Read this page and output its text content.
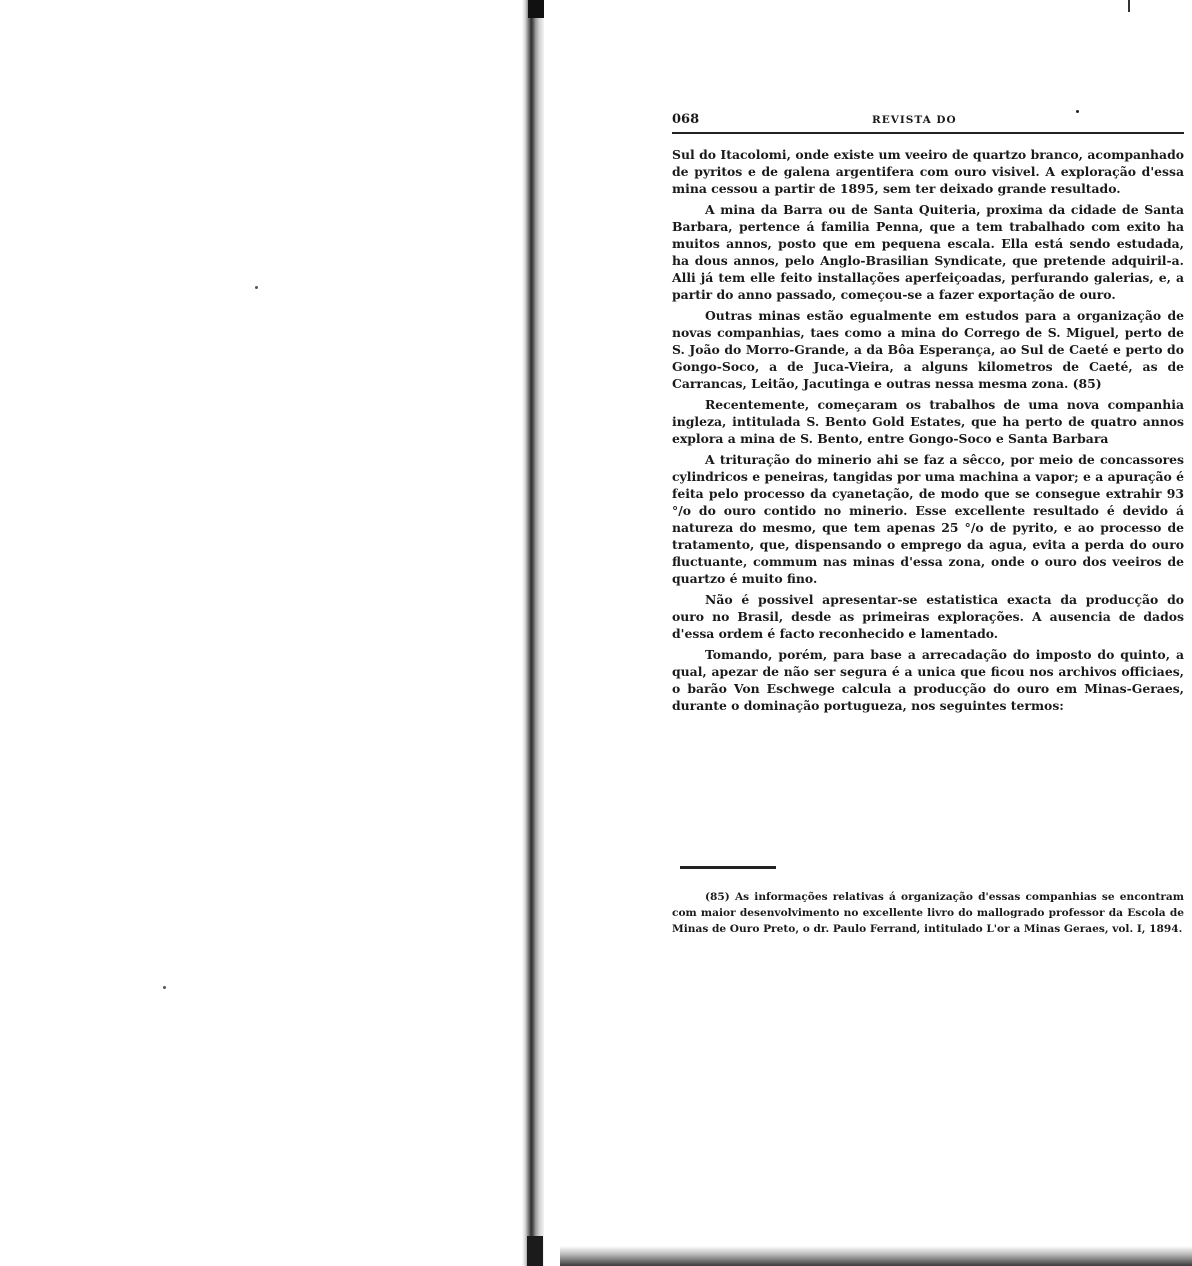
068	REVISTA DO

Sul do Itacolomi, onde existe um veeiro de quartzo branco, acompanhado de pyritos e de galena argentifera com ouro visivel. A exploração d'essa mina cessou a partir de 1895, sem ter deixado grande resultado.

A mina da Barra ou de Santa Quiteria, proxima da cidade de Santa Barbara, pertence á familia Penna, que a tem trabalhado com exito ha muitos annos, posto que em pequena escala. Ella está sendo estudada, ha dous annos, pelo Anglo-Brasilian Syndicate, que pretende adquiril-a. Alli já tem elle feito installações aperfeiçoadas, perfurando galerias, e, a partir do anno passado, começou-se a fazer exportação de ouro.

Outras minas estão egualmente em estudos para a organização de novas companhias, taes como a mina do Corrego de S. Miguel, perto de S. João do Morro-Grande, a da Bôa Esperança, ao Sul de Caeté e perto do Gongo-Soco, a de Juca-Vieira, a alguns kilometros de Caeté, as de Carrancas, Leitão, Jacutinga e outras nessa mesma zona. (85)

Recentemente, começaram os trabalhos de uma nova companhia ingleza, intitulada S. Bento Gold Estates, que ha perto de quatro annos explora a mina de S. Bento, entre Gongo-Soco e Santa Barbara

A trituração do minerio ahi se faz a sêcco, por meio de concassores cylindricos e peneiras, tangidas por uma machina a vapor; e a apuração é feita pelo processo da cyanetação, de modo que se consegue extrahir 93 °/o do ouro contido no minerio. Esse excellente resultado é devido á natureza do mesmo, que tem apenas 25 °/o de pyrito, e ao processo de tratamento, que, dispensando o emprego da agua, evita a perda do ouro fluctuante, commum nas minas d'essa zona, onde o ouro dos veeiros de quartzo é muito fino.

Não é possivel apresentar-se estatistica exacta da producção do ouro no Brasil, desde as primeiras explorações. A ausencia de dados d'essa ordem é facto reconhecido e lamentado.

Tomando, porém, para base a arrecadação do imposto do quinto, a qual, apezar de não ser segura é a unica que ficou nos archivos officiaes, o barão Von Eschwege calcula a producção do ouro em Minas-Geraes, durante o dominação portugueza, nos seguintes termos:

(85) As informações relativas á organização d'essas companhias se encontram com maior desenvolvimento no excellente livro do mallogrado professor da Escola de Minas de Ouro Preto, o dr. Paulo Ferrand, intitulado L'or a Minas Geraes, vol. I, 1894.
